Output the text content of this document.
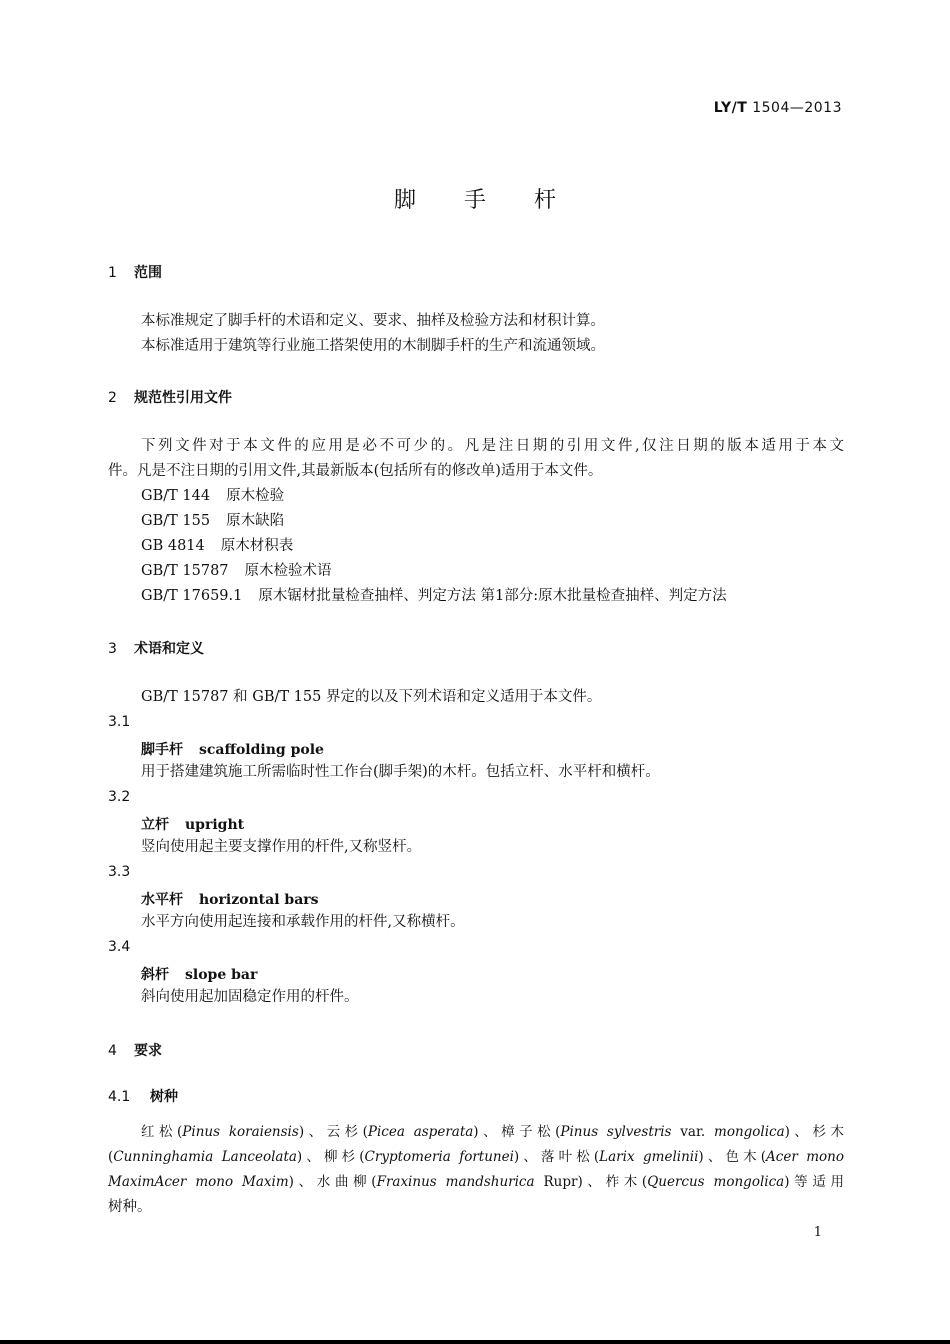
LY/T 1504—2013
脚手杆
1 范围
本标准规定了脚手杆的术语和定义、要求、抽样及检验方法和材积计算。
本标准适用于建筑等行业施工搭架使用的木制脚手杆的生产和流通领域。
2 规范性引用文件
下列文件对于本文件的应用是必不可少的。凡是注日期的引用文件,仅注日期的版本适用于本文
件。凡是不注日期的引用文件,其最新版本(包括所有的修改单)适用于本文件。
GB/T 144 原木检验
GB/T 155 原木缺陷
GB 4814 原木材积表
GB/T 15787 原木检验术语
GB/T 17659.1 原木锯材批量检查抽样、判定方法 第1部分:原木批量检查抽样、判定方法
3 术语和定义
GB/T 15787 和 GB/T 155 界定的以及下列术语和定义适用于本文件。
3.1
脚手杆 scaffolding pole
用于搭建建筑施工所需临时性工作台(脚手架)的木杆。包括立杆、水平杆和横杆。
3.2
立杆 upright
竖向使用起主要支撑作用的杆件,又称竖杆。
3.3
水平杆 horizontal bars
水平方向使用起连接和承载作用的杆件,又称横杆。
3.4
斜杆 slope bar
斜向使用起加固稳定作用的杆件。
4 要求
4.1 树种
红松(Pinus koraiensis)、云杉(Picea asperata)、樟子松(Pinus sylvestris var. mongolica)、杉木
(Cunninghamia Lanceolata)、柳杉(Cryptomeria fortunei)、落叶松(Larix gmelinii)、色木(Acer mono
MaximAcer mono Maxim)、水曲柳(Fraxinus mandshurica Rupr)、柞木(Quercus mongolica)等适用
树种。
1
